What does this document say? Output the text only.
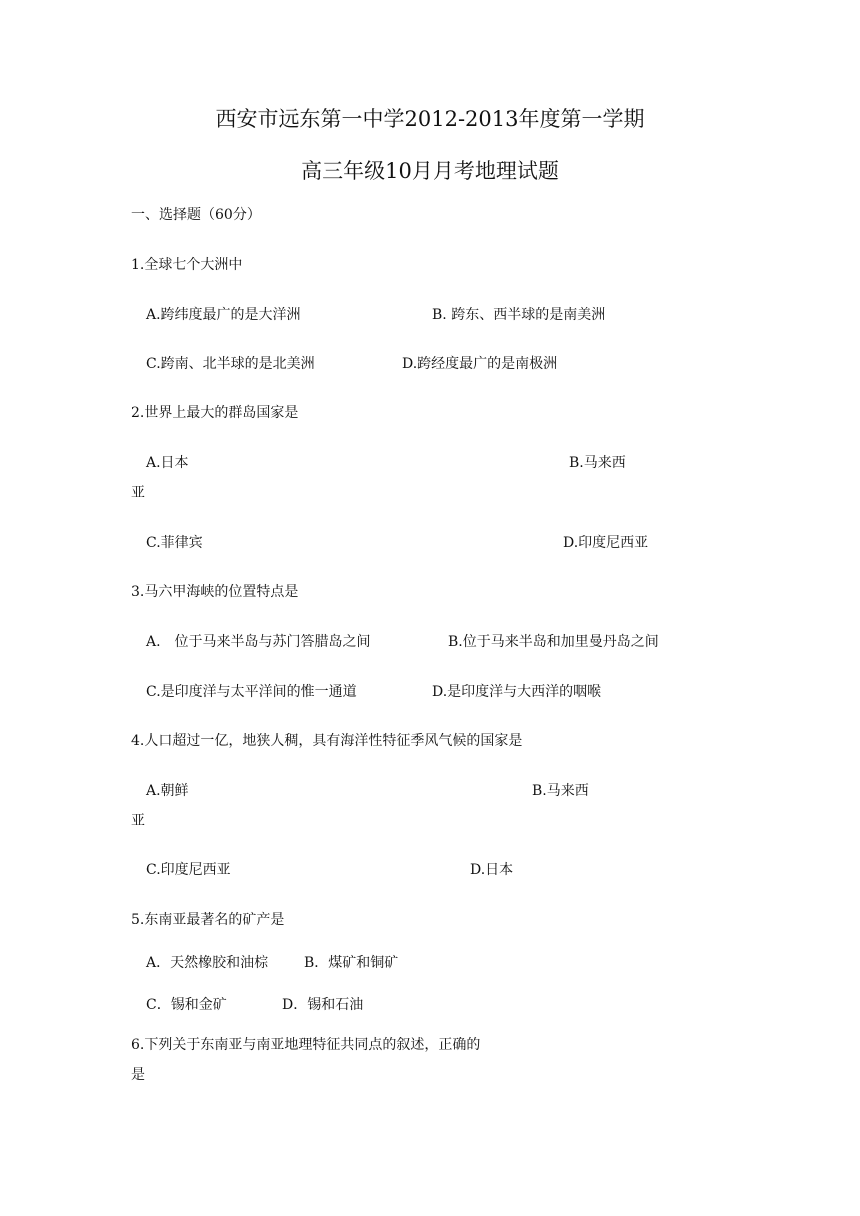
西安市远东第一中学2012-2013年度第一学期
高三年级10月月考地理试题
一、选择题（60分）
1.全球七个大洲中
A.跨纬度最广的是大洋洲	B. 跨东、西半球的是南美洲
C.跨南、北半球的是北美洲	D.跨经度最广的是南极洲
2.世界上最大的群岛国家是
A.日本	B.马来西
亚
C.菲律宾	D.印度尼西亚
3.马六甲海峡的位置特点是
A.　位于马来半岛与苏门答腊岛之间	B.位于马来半岛和加里曼丹岛之间
C.是印度洋与太平洋间的惟一通道	D.是印度洋与大西洋的咽喉
4.人口超过一亿，地狭人稠，具有海洋性特征季风气候的国家是
A.朝鲜	B.马来西
亚
C.印度尼西亚	D.日本
5.东南亚最著名的矿产是
A．天然橡胶和油棕	B．煤矿和铜矿
C．锡和金矿	D．锡和石油
6.下列关于东南亚与南亚地理特征共同点的叙述，正确的
是
